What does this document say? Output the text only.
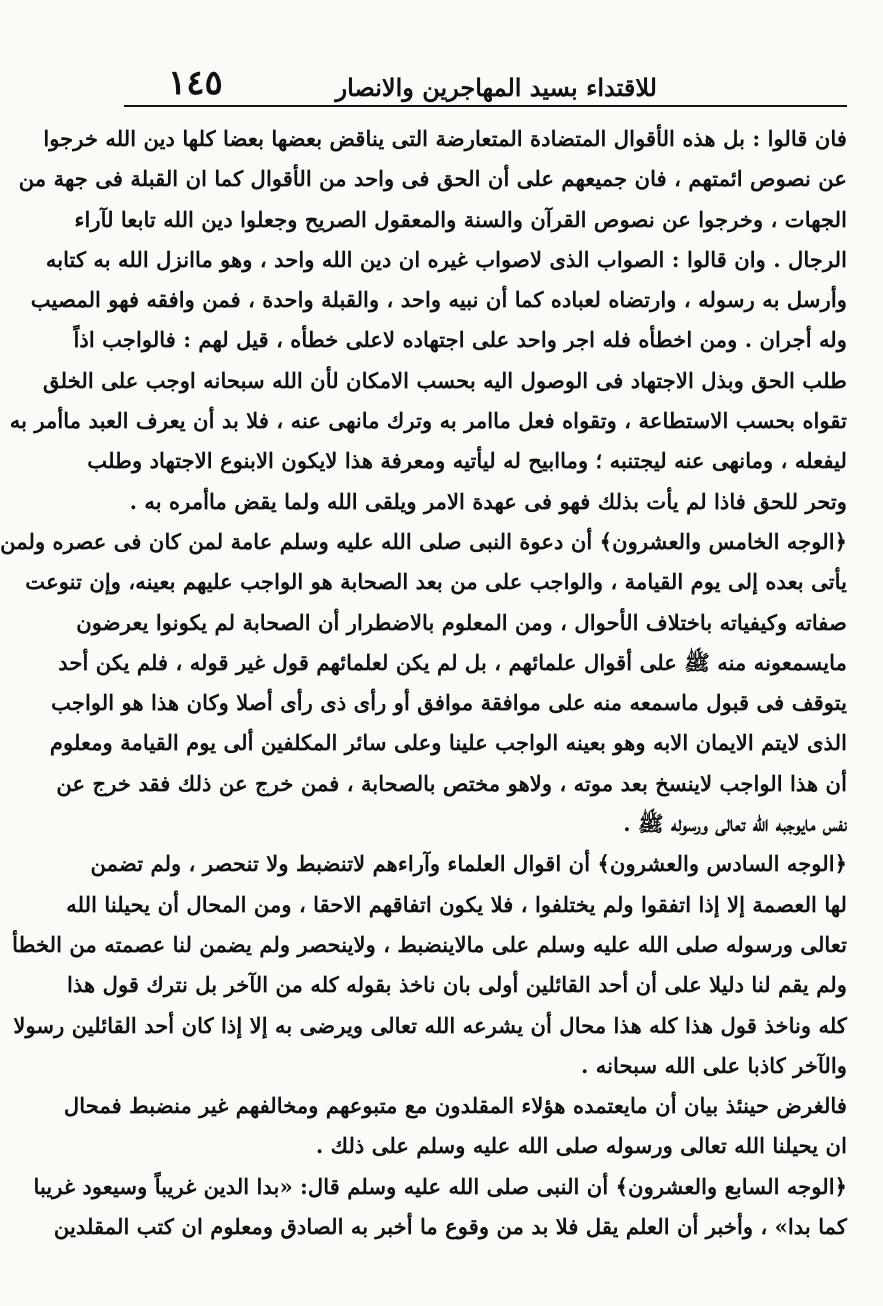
للاقتداء بسيد المهاجرين والانصار
١٤٥
فان قالوا : بل هذه الأقوال المتضادة المتعارضة التى يناقض بعضها بعضا كلها دين الله خرجوا
عن نصوص ائمتهم ، فان جميعهم على أن الحق فى واحد من الأقوال كما ان القبلة فى جهة من
الجهات ، وخرجوا عن نصوص القرآن والسنة والمعقول الصريح وجعلوا دين الله تابعا لآراء
الرجال . وان قالوا : الصواب الذى لاصواب غيره ان دين الله واحد ، وهو ماانزل الله به كتابه
وأرسل به رسوله ، وارتضاه لعباده كما أن نبيه واحد ، والقبلة واحدة ، فمن وافقه فهو المصيب
وله أجران . ومن اخطأه فله اجر واحد على اجتهاده لاعلى خطأه ، قيل لهم : فالواجب اذاً
طلب الحق وبذل الاجتهاد فى الوصول اليه بحسب الامكان لأن الله سبحانه اوجب على الخلق
تقواه بحسب الاستطاعة ، وتقواه فعل ماامر به وترك مانهى عنه ، فلا بد أن يعرف العبد ماأمر به
ليفعله ، ومانهى عنه ليجتنبه ؛ وماابيح له ليأتيه ومعرفة هذا لايكون الابنوع الاجتهاد وطلب
وتحر للحق فاذا لم يأت بذلك فهو فى عهدة الامر ويلقى الله ولما يقض ماأمره به .
﴿الوجه الخامس والعشرون﴾ أن دعوة النبى صلى الله عليه وسلم عامة لمن كان فى عصره ولمن
يأتى بعده إلى يوم القيامة ، والواجب على من بعد الصحابة هو الواجب عليهم بعينه، وإن تنوعت
صفاته وكيفياته باختلاف الأحوال ، ومن المعلوم بالاضطرار أن الصحابة لم يكونوا يعرضون
مايسمعونه منه ﷺ على أقوال علمائهم ، بل لم يكن لعلمائهم قول غير قوله ، فلم يكن أحد
يتوقف فى قبول ماسمعه منه على موافقة موافق أو رأى ذى رأى أصلا وكان هذا هو الواجب
الذى لايتم الايمان الابه وهو بعينه الواجب علينا وعلى سائر المكلفين ألى يوم القيامة ومعلوم
أن هذا الواجب لاينسخ بعد موته ، ولاهو مختص بالصحابة ، فمن خرج عن ذلك فقد خرج عن
نفس مايوجبه الله تعالى ورسوله ﷺ .
﴿الوجه السادس والعشرون﴾ أن اقوال العلماء وآراءهم لاتنضبط ولا تنحصر ، ولم تضمن
لها العصمة إلا إذا اتفقوا ولم يختلفوا ، فلا يكون اتفاقهم الاحقا ، ومن المحال أن يحيلنا الله
تعالى ورسوله صلى الله عليه وسلم على مالاينضبط ، ولاينحصر ولم يضمن لنا عصمته من الخطأ
ولم يقم لنا دليلا على أن أحد القائلين أولى بان ناخذ بقوله كله من الآخر بل نترك قول هذا
كله وناخذ قول هذا كله هذا محال أن يشرعه الله تعالى ويرضى به إلا إذا كان أحد القائلين رسولا
والآخر كاذبا على الله سبحانه .
فالغرض حينئذ بيان أن مايعتمده هؤلاء المقلدون مع متبوعهم ومخالفهم غير منضبط فمحال
ان يحيلنا الله تعالى ورسوله صلى الله عليه وسلم على ذلك .
﴿الوجه السابع والعشرون﴾ أن النبى صلى الله عليه وسلم قال: «بدا الدين غريباً وسيعود غريبا
كما بدا» ، وأخبر أن العلم يقل فلا بد من وقوع ما أخبر به الصادق ومعلوم ان كتب المقلدين
